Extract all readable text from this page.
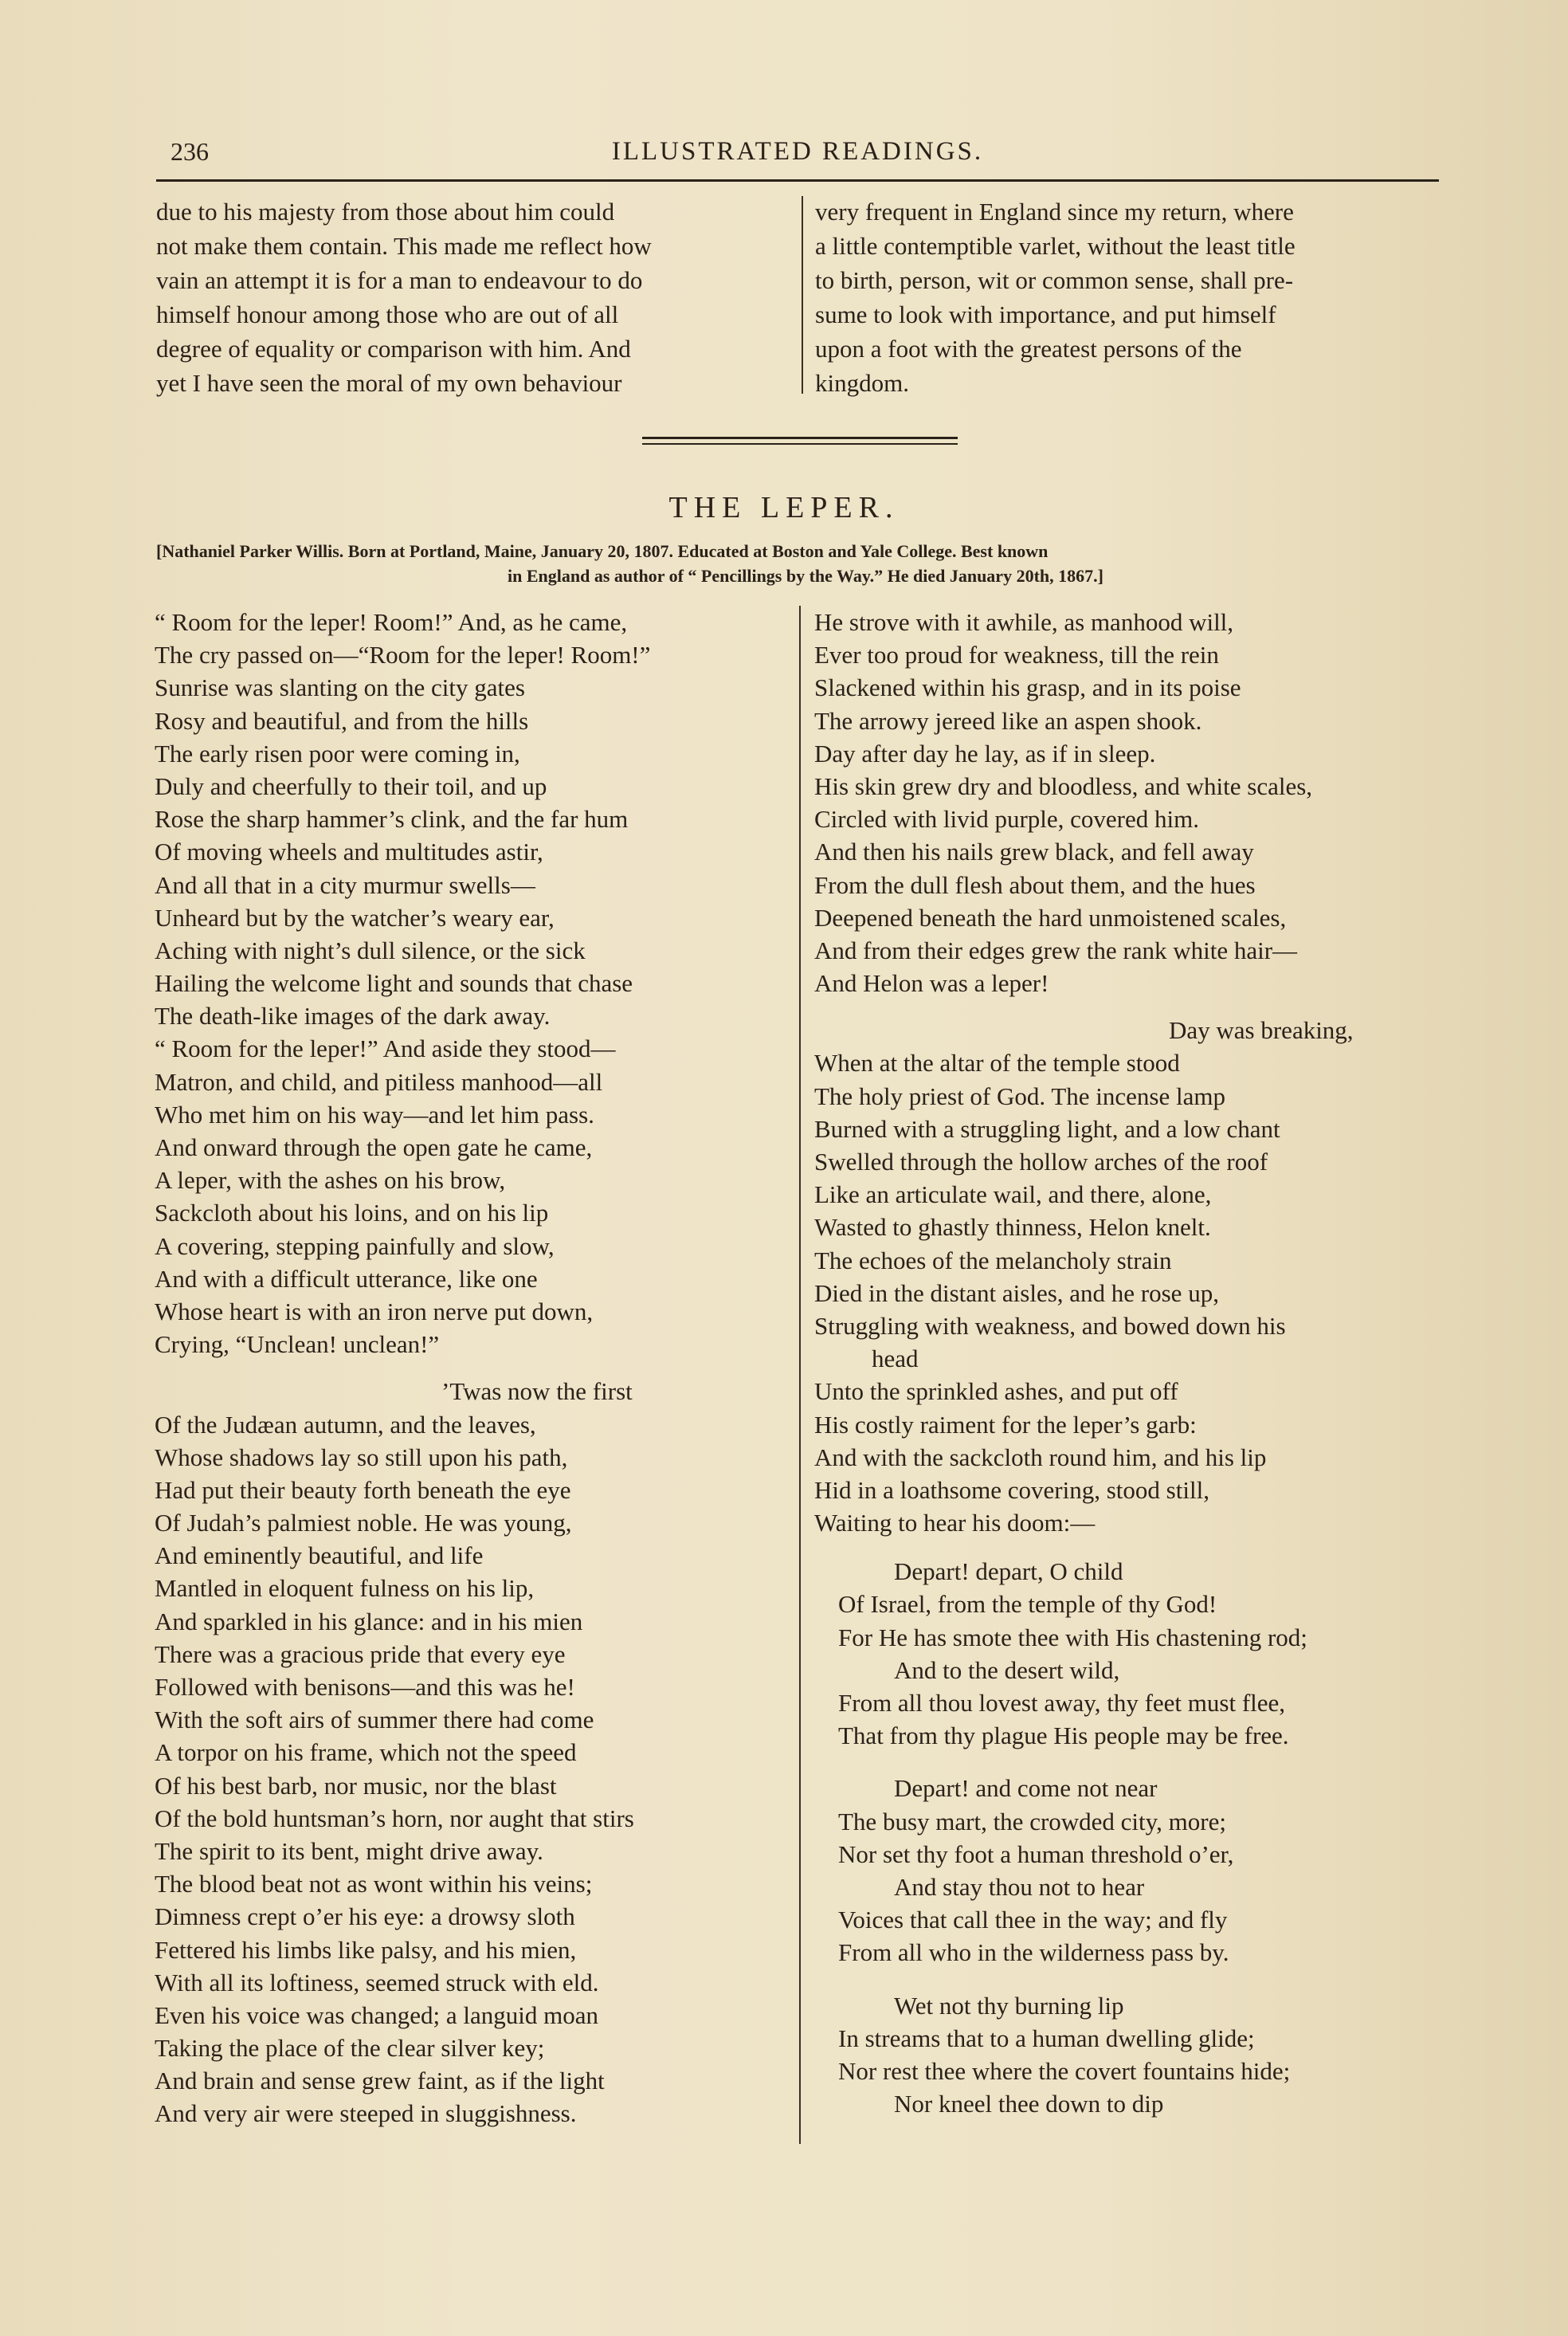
236	ILLUSTRATED READINGS.

due to his majesty from those about him could

not make them contain. This made me reflect how

vain an attempt it is for a man to endeavour to do

himself honour among those who are out of all

degree of equality or comparison with him. And

yet I have seen the moral of my own behaviour

very frequent in England since my return, where

a little contemptible varlet, without the least title

to birth, person, wit or common sense, shall pre-

sume to look with importance, and put himself

upon a foot with the greatest persons of the

kingdom.

THE LEPER.
[Nathaniel Parker Willis. Born at Portland, Maine, January 20, 1807. Educated at Boston and Yale College. Best known
in England as author of “ Pencillings by the Way.” He died January 20th, 1867.]
“ Room for the leper! Room!” And, as he came,
The cry passed on—“Room for the leper! Room!”
Sunrise was slanting on the city gates
Rosy and beautiful, and from the hills
The early risen poor were coming in,
Duly and cheerfully to their toil, and up
Rose the sharp hammer’s clink, and the far hum
Of moving wheels and multitudes astir,
And all that in a city murmur swells—
Unheard but by the watcher’s weary ear,
Aching with night’s dull silence, or the sick
Hailing the welcome light and sounds that chase
The death-like images of the dark away.
“ Room for the leper!” And aside they stood—
Matron, and child, and pitiless manhood—all
Who met him on his way—and let him pass.
And onward through the open gate he came,
A leper, with the ashes on his brow,
Sackcloth about his loins, and on his lip
A covering, stepping painfully and slow,
And with a difficult utterance, like one
Whose heart is with an iron nerve put down,
Crying, “Unclean! unclean!”
’Twas now the first
Of the Judæan autumn, and the leaves,
Whose shadows lay so still upon his path,
Had put their beauty forth beneath the eye
Of Judah’s palmiest noble. He was young,
And eminently beautiful, and life
Mantled in eloquent fulness on his lip,
And sparkled in his glance: and in his mien
There was a gracious pride that every eye
Followed with benisons—and this was he!
With the soft airs of summer there had come
A torpor on his frame, which not the speed
Of his best barb, nor music, nor the blast
Of the bold huntsman’s horn, nor aught that stirs
The spirit to its bent, might drive away.
The blood beat not as wont within his veins;
Dimness crept o’er his eye: a drowsy sloth
Fettered his limbs like palsy, and his mien,
With all its loftiness, seemed struck with eld.
Even his voice was changed; a languid moan
Taking the place of the clear silver key;
And brain and sense grew faint, as if the light
And very air were steeped in sluggishness.
He strove with it awhile, as manhood will,
Ever too proud for weakness, till the rein
Slackened within his grasp, and in its poise
The arrowy jereed like an aspen shook.
Day after day he lay, as if in sleep.
His skin grew dry and bloodless, and white scales,
Circled with livid purple, covered him.
And then his nails grew black, and fell away
From the dull flesh about them, and the hues
Deepened beneath the hard unmoistened scales,
And from their edges grew the rank white hair—
And Helon was a leper!
Day was breaking,
When at the altar of the temple stood
The holy priest of God. The incense lamp
Burned with a struggling light, and a low chant
Swelled through the hollow arches of the roof
Like an articulate wail, and there, alone,
Wasted to ghastly thinness, Helon knelt.
The echoes of the melancholy strain
Died in the distant aisles, and he rose up,
Struggling with weakness, and bowed down his
head
Unto the sprinkled ashes, and put off
His costly raiment for the leper’s garb:
And with the sackcloth round him, and his lip
Hid in a loathsome covering, stood still,
Waiting to hear his doom:—
Depart! depart, O child
Of Israel, from the temple of thy God!
For He has smote thee with His chastening rod;
And to the desert wild,
From all thou lovest away, thy feet must flee,
That from thy plague His people may be free.
Depart! and come not near
The busy mart, the crowded city, more;
Nor set thy foot a human threshold o’er,
And stay thou not to hear
Voices that call thee in the way; and fly
From all who in the wilderness pass by.
Wet not thy burning lip
In streams that to a human dwelling glide;
Nor rest thee where the covert fountains hide;
Nor kneel thee down to dip
